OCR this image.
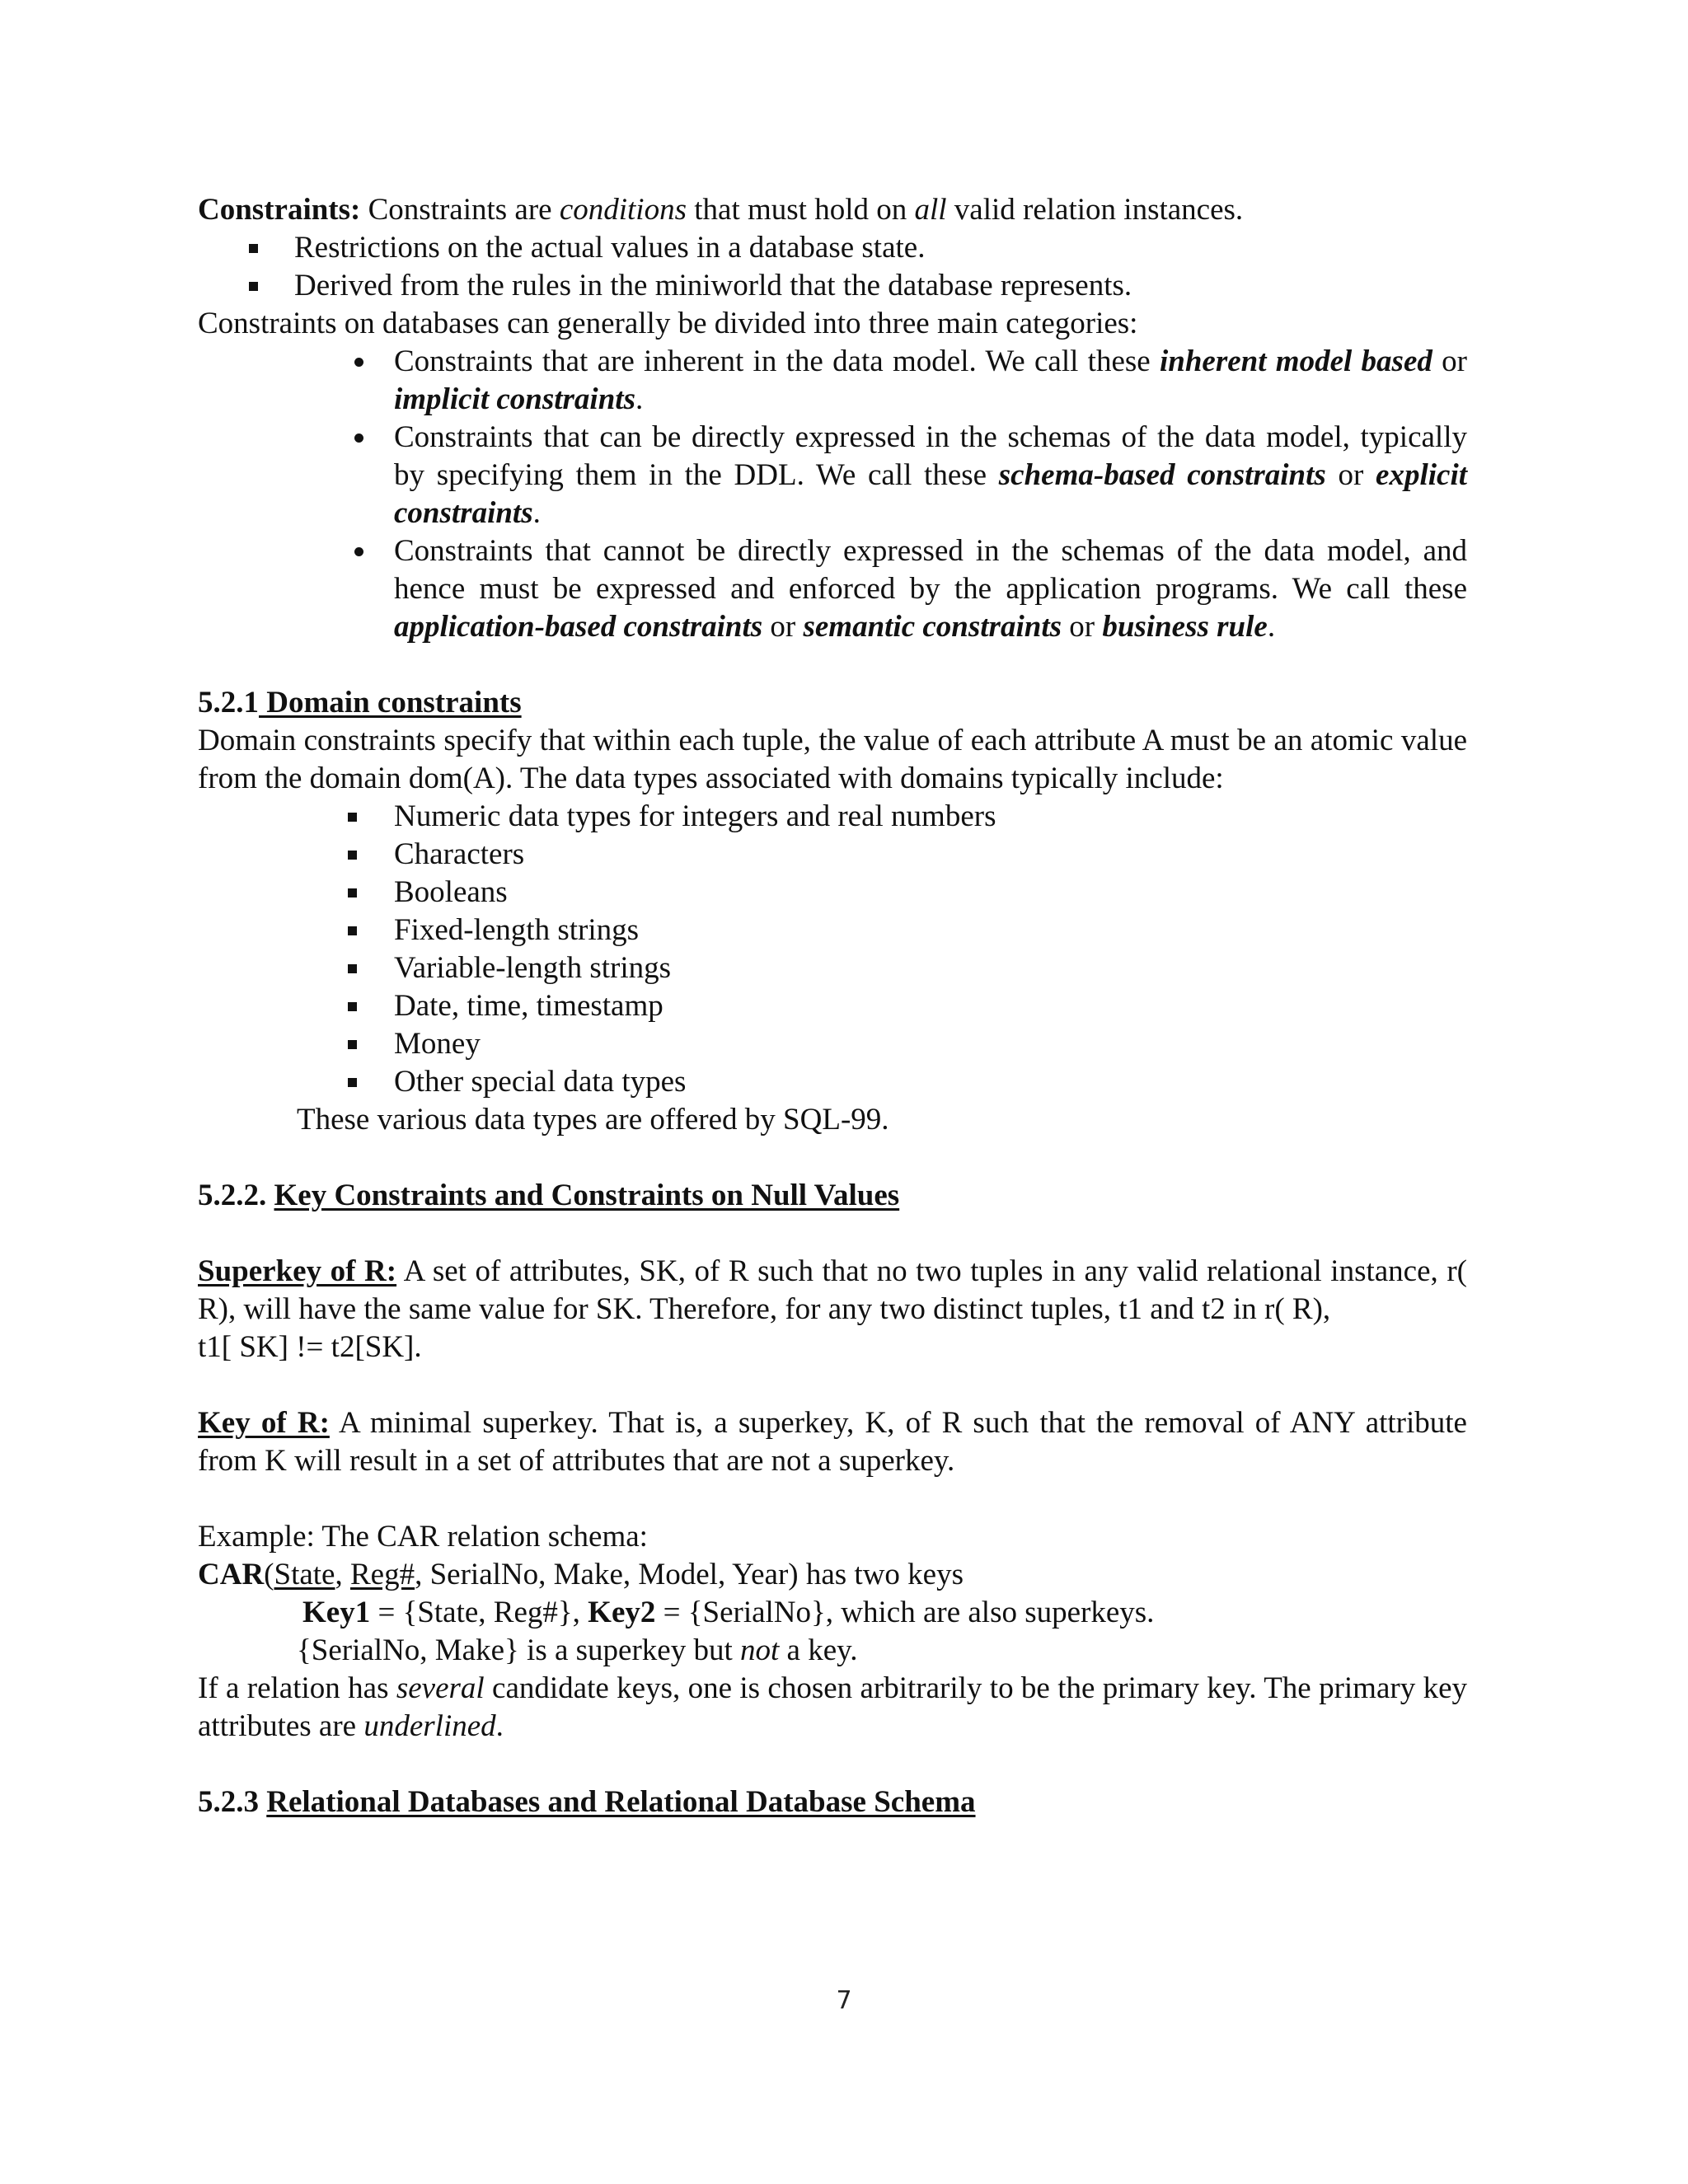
Constraints: Constraints are conditions that must hold on all valid relation instances.

Restrictions on the actual values in a database state.
Derived from the rules in the miniworld that the database represents.

Constraints on databases can generally be divided into three main categories:

Constraints that are inherent in the data model. We call these inherent model based or implicit constraints.
Constraints that can be directly expressed in the schemas of the data model, typically by specifying them in the DDL. We call these schema-based constraints or explicit constraints.
Constraints that cannot be directly expressed in the schemas of the data model, and hence must be expressed and enforced by the application programs. We call these application-based constraints or semantic constraints or business rule.

5.2.1 Domain constraints

Domain constraints specify that within each tuple, the value of each attribute A must be an atomic value from the domain dom(A). The data types associated with domains typically include:

Numeric data types for integers and real numbers
Characters
Booleans
Fixed-length strings
Variable-length strings
Date, time, timestamp
Money
Other special data types

These various data types are offered by SQL-99.

5.2.2. Key Constraints and Constraints on Null Values

Superkey of R: A set of attributes, SK, of R such that no two tuples in any valid relational instance, r( R), will have the same value for SK. Therefore, for any two distinct tuples, t1 and t2 in r( R),

t1[ SK] != t2[SK].

Key of R: A minimal superkey. That is, a superkey, K, of R such that the removal of ANY attribute from K will result in a set of attributes that are not a superkey.

Example: The CAR relation schema:

CAR(State, Reg#, SerialNo, Make, Model, Year) has two keys

Key1 = {State, Reg#}, Key2 = {SerialNo}, which are also superkeys.

{SerialNo, Make} is a superkey but not a key.

If a relation has several candidate keys, one is chosen arbitrarily to be the primary key. The primary key attributes are underlined.

5.2.3 Relational Databases and Relational Database Schema

7
